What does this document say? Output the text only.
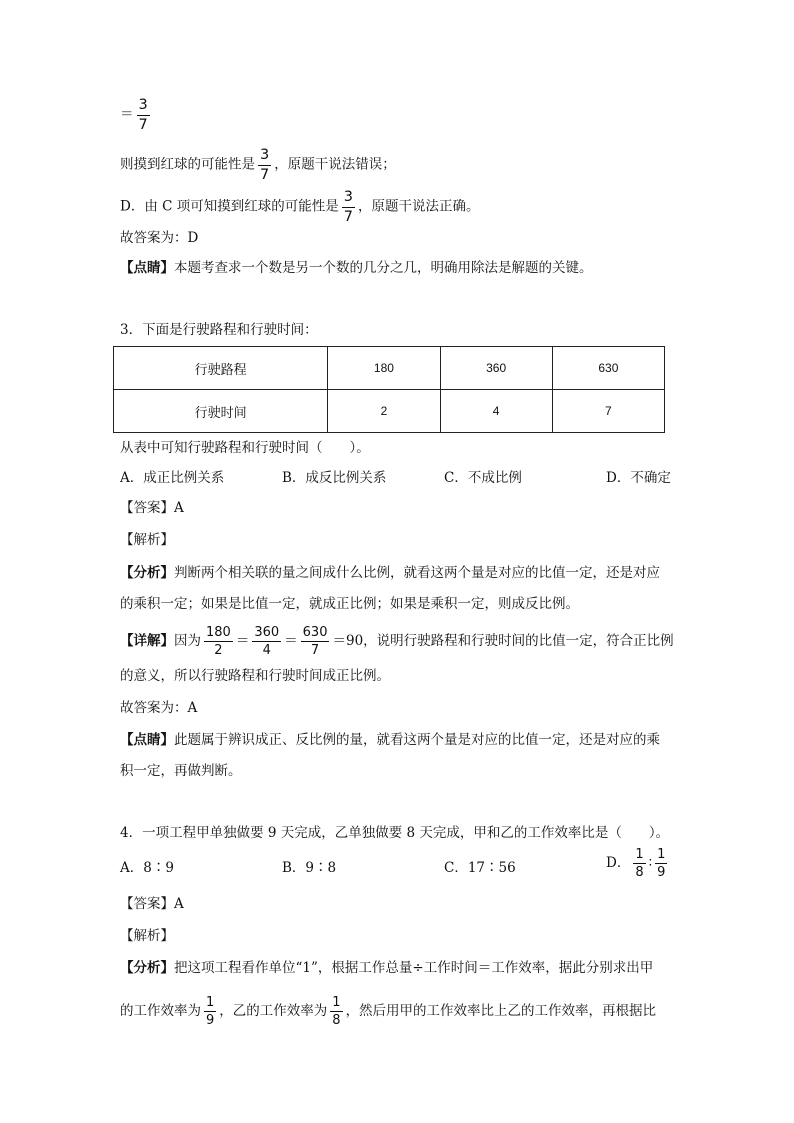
＝ $\frac{3}{7}$
则摸到红球的可能性是 $\frac{3}{7}$ ，原题干说法错误；
D．由 C 项可知摸到红球的可能性是 $\frac{3}{7}$ ，原题干说法正确。
故答案为：D
【点睛】本题考查求一个数是另一个数的几分之几，明确用除法是解题的关键。
3．下面是行驶路程和行驶时间：
行驶路程	180	360	630
行驶时间	2	4	7
从表中可知行驶路程和行驶时间（　　）。
A．成正比例关系	B．成反比例关系	C．不成比例	D．不确定
【答案】A
【解析】
【分析】判断两个相关联的量之间成什么比例，就看这两个量是对应的比值一定，还是对应
的乘积一定；如果是比值一定，就成正比例；如果是乘积一定，则成反比例。
【详解】因为 $\frac{180}{2} = \frac{360}{4} = \frac{630}{7} =90$，说明行驶路程和行驶时间的比值一定，符合正比例
的意义，所以行驶路程和行驶时间成正比例。
故答案为：A
【点睛】此题属于辨识成正、反比例的量，就看这两个量是对应的比值一定，还是对应的乘
积一定，再做判断。
4．一项工程甲单独做要 9 天完成，乙单独做要 8 天完成，甲和乙的工作效率比是（　　）。
A．8∶9	B．9∶8	C．17∶56	D． $\frac{1}{8}$ ∶ $\frac{1}{9}$
【答案】A
【解析】
【分析】把这项工程看作单位“1”，根据工作总量÷工作时间＝工作效率，据此分别求出甲
的工作效率为 $\frac{1}{9}$ ，乙的工作效率为 $\frac{1}{8}$ ，然后用甲的工作效率比上乙的工作效率，再根据比
